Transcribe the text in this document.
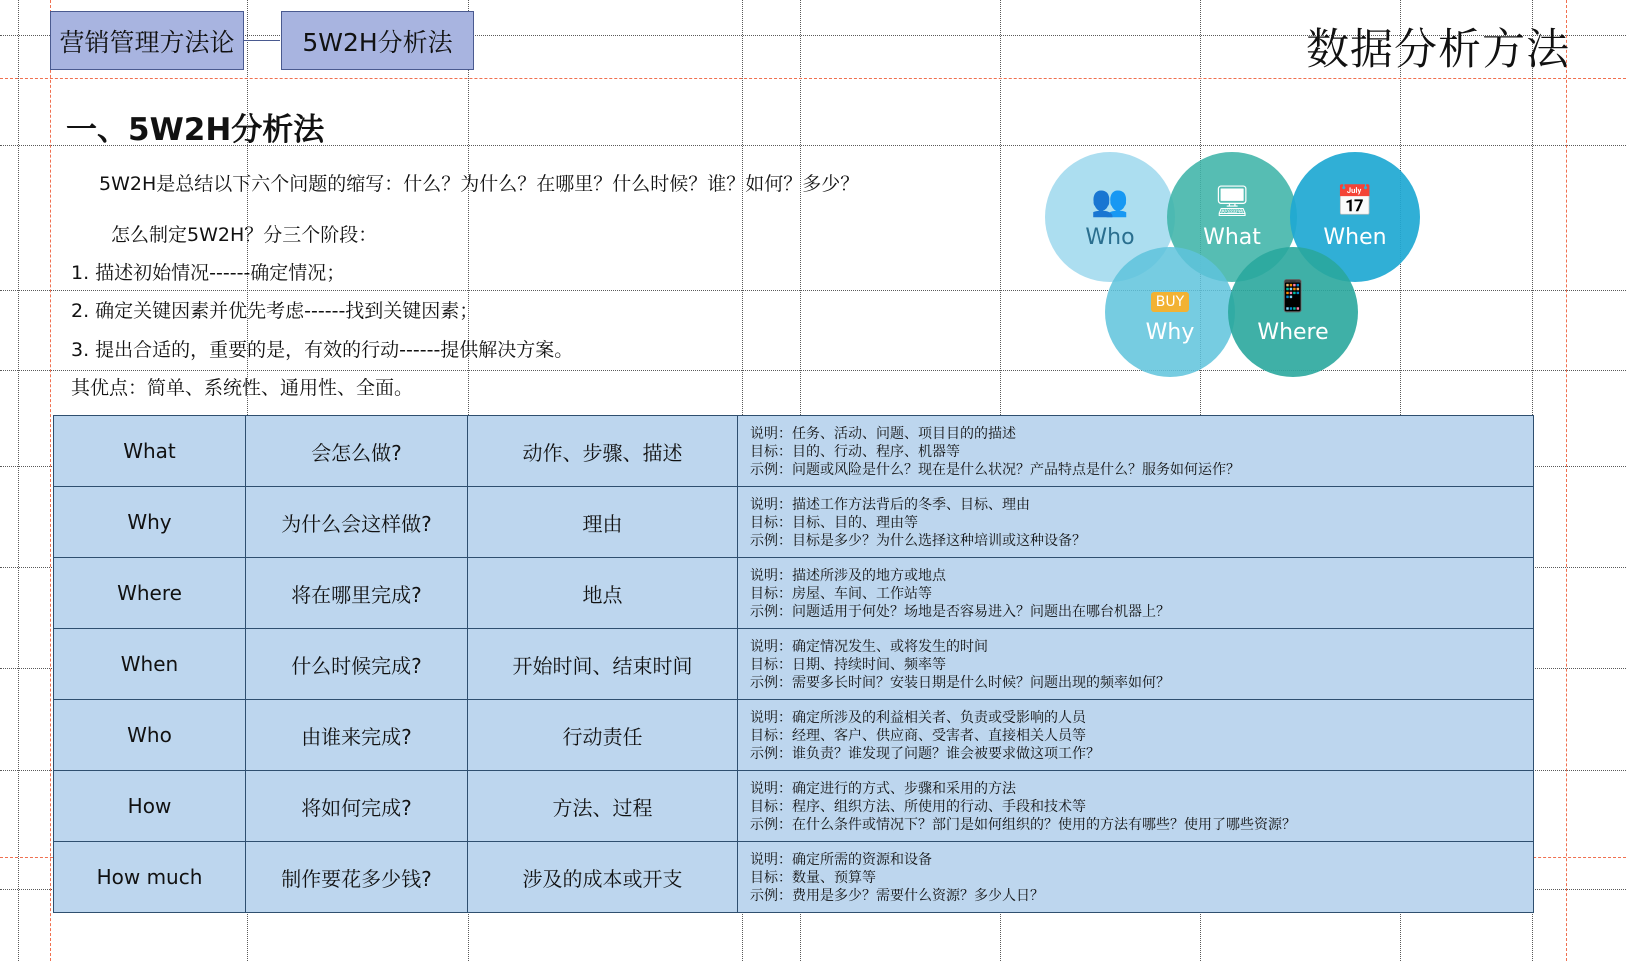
营销管理方法论	5W2H分析法	数据分析方法
一、5W2H分析法
5W2H是总结以下六个问题的缩写：什么？为什么？在哪里？什么时候？谁？如何？多少？
怎么制定5W2H？分三个阶段：
1. 描述初始情况------确定情况；
2. 确定关键因素并优先考虑------找到关键因素；
3. 提出合适的，重要的是，有效的行动------提供解决方案。
其优点：简单、系统性、通用性、全面。
👥
Who
🖥
What
📅
When
BUY
Why
📱
Where
What	会怎么做?	动作、步骤、描述	说明：任务、活动、问题、项目目的的描述
目标：目的、行动、程序、机器等
示例：问题或风险是什么？现在是什么状况？产品特点是什么？服务如何运作？

Why	为什么会这样做?	理由	说明：描述工作方法背后的冬季、目标、理由
目标：目标、目的、理由等
示例：目标是多少？为什么选择这种培训或这种设备？

Where	将在哪里完成?	地点	说明：描述所涉及的地方或地点
目标：房屋、车间、工作站等
示例：问题适用于何处？场地是否容易进入？问题出在哪台机器上？

When	什么时候完成?	开始时间、结束时间	说明：确定情况发生、或将发生的时间
目标：日期、持续时间、频率等
示例：需要多长时间？安装日期是什么时候？问题出现的频率如何？

Who	由谁来完成?	行动责任	说明：确定所涉及的利益相关者、负责或受影响的人员
目标：经理、客户、供应商、受害者、直接相关人员等
示例：谁负责？谁发现了问题？谁会被要求做这项工作？

How	将如何完成?	方法、过程	说明：确定进行的方式、步骤和采用的方法
目标：程序、组织方法、所使用的行动、手段和技术等
示例：在什么条件或情况下？部门是如何组织的？使用的方法有哪些？使用了哪些资源？

How much	制作要花多少钱?	涉及的成本或开支	说明：确定所需的资源和设备
目标：数量、预算等
示例：费用是多少？需要什么资源？多少人日？
